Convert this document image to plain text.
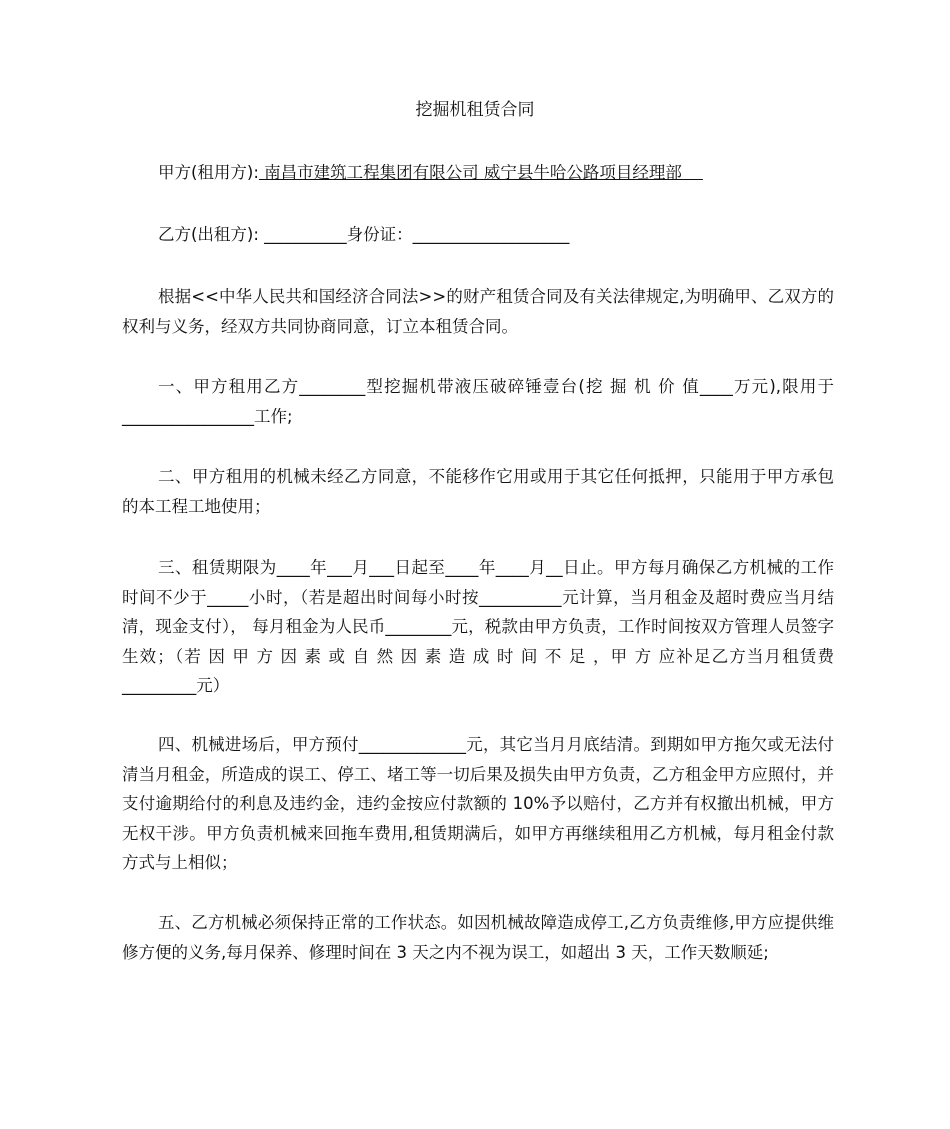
挖掘机租赁合同
甲方(租用方): 南昌市建筑工程集团有限公司 威宁县牛哈公路项目经理部
乙方(出租方): __________身份证：___________________
根据<<中华人民共和国经济合同法>>的财产租赁合同及有关法律规定,为明确甲、乙双方的权利与义务，经双方共同协商同意，订立本租赁合同。
一、甲方租用乙方________型挖掘机带液压破碎锤壹台(挖 掘 机 价 值____万元),限用于________________工作;
二、甲方租用的机械未经乙方同意，不能移作它用或用于其它任何抵押，只能用于甲方承包的本工程工地使用；
三、租赁期限为____年___月___日起至____年____月__日止。甲方每月确保乙方机械的工作时间不少于_____小时，（若是超出时间每小时按__________元计算，当月租金及超时费应当月结清，现金支付）， 每月租金为人民币________元，税款由甲方负责，工作时间按双方管理人员签字生效；（若 因 甲 方 因 素 或 自 然 因 素 造 成 时 间 不 足 ，甲 方 应补足乙方当月租赁费_________元）
四、机械进场后，甲方预付_____________元，其它当月月底结清。到期如甲方拖欠或无法付清当月租金，所造成的误工、停工、堵工等一切后果及损失由甲方负责，乙方租金甲方应照付，并支付逾期给付的利息及违约金，违约金按应付款额的 10%予以赔付，乙方并有权撤出机械，甲方无权干涉。甲方负责机械来回拖车费用,租赁期满后，如甲方再继续租用乙方机械，每月租金付款方式与上相似；
五、乙方机械必须保持正常的工作状态。如因机械故障造成停工,乙方负责维修,甲方应提供维修方便的义务,每月保养、修理时间在 3 天之内不视为误工，如超出 3 天，工作天数顺延;
